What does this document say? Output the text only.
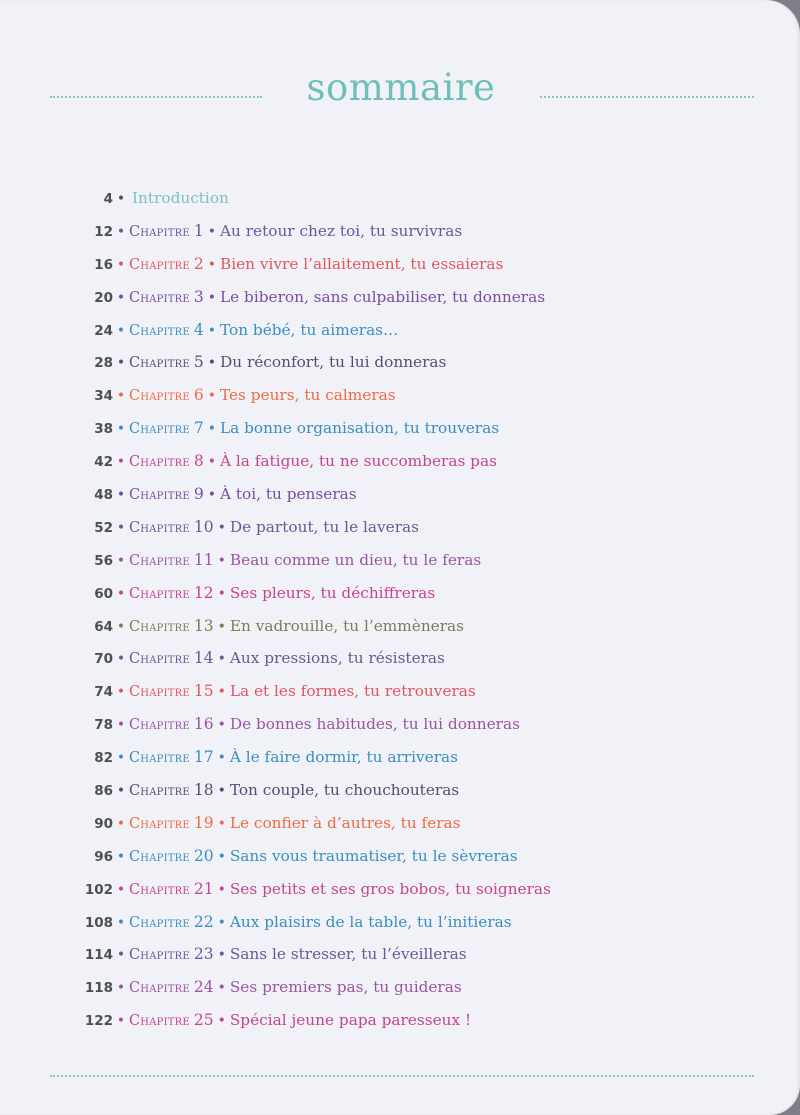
sommaire
4 • Introduction
12 • Chapitre 1 • Au retour chez toi, tu survivras
16 • Chapitre 2 • Bien vivre l’allaitement, tu essaieras
20 • Chapitre 3 • Le biberon, sans culpabiliser, tu donneras
24 • Chapitre 4 • Ton bébé, tu aimeras…
28 • Chapitre 5 • Du réconfort, tu lui donneras
34 • Chapitre 6 • Tes peurs, tu calmeras
38 • Chapitre 7 • La bonne organisation, tu trouveras
42 • Chapitre 8 • À la fatigue, tu ne succomberas pas
48 • Chapitre 9 • À toi, tu penseras
52 • Chapitre 10 • De partout, tu le laveras
56 • Chapitre 11 • Beau comme un dieu, tu le feras
60 • Chapitre 12 • Ses pleurs, tu déchiffreras
64 • Chapitre 13 • En vadrouille, tu l’emmèneras
70 • Chapitre 14 • Aux pressions, tu résisteras
74 • Chapitre 15 • La et les formes, tu retrouveras
78 • Chapitre 16 • De bonnes habitudes, tu lui donneras
82 • Chapitre 17 • À le faire dormir, tu arriveras
86 • Chapitre 18 • Ton couple, tu chouchouteras
90 • Chapitre 19 • Le confier à d’autres, tu feras
96 • Chapitre 20 • Sans vous traumatiser, tu le sèvreras
102 • Chapitre 21 • Ses petits et ses gros bobos, tu soigneras
108 • Chapitre 22 • Aux plaisirs de la table, tu l’initieras
114 • Chapitre 23 • Sans le stresser, tu l’éveilleras
118 • Chapitre 24 • Ses premiers pas, tu guideras
122 • Chapitre 25 • Spécial jeune papa paresseux !
